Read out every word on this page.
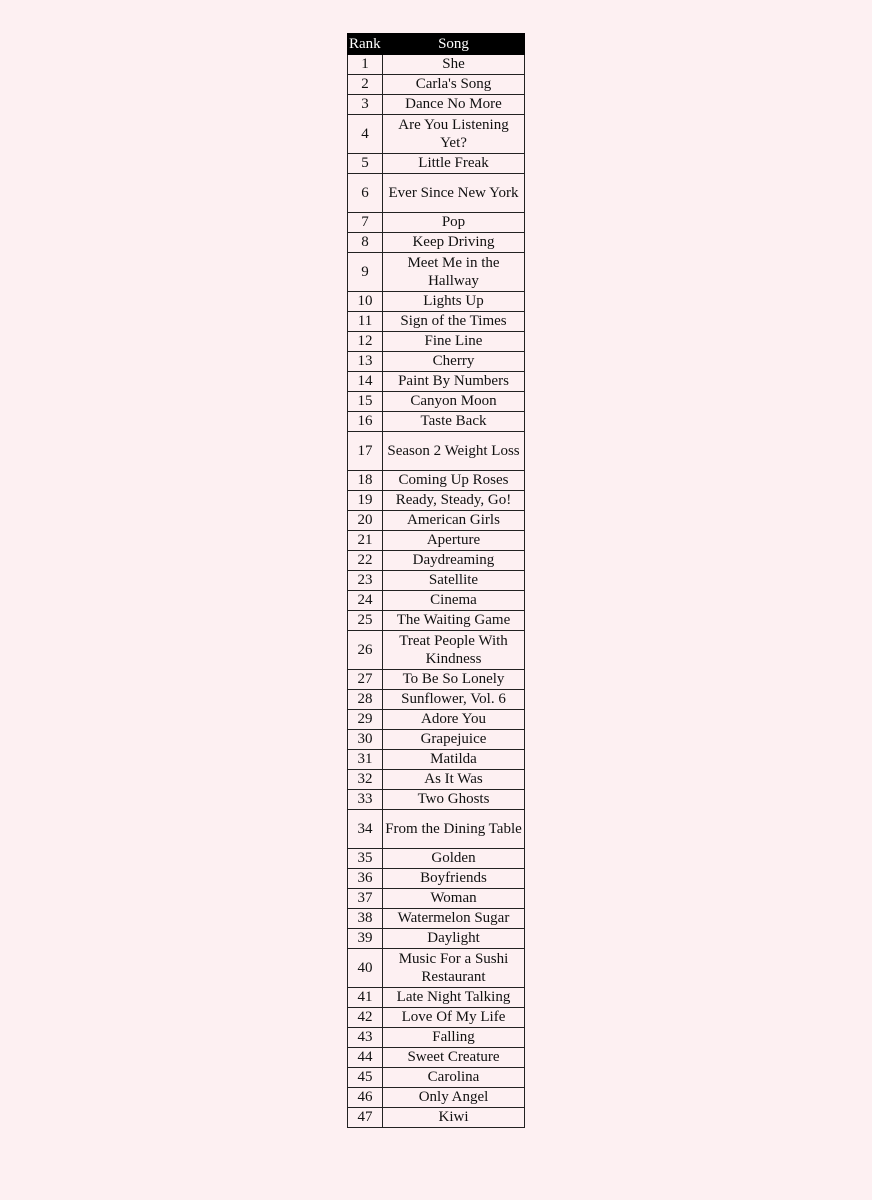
Rank	Song
1	She
2	Carla's Song
3	Dance No More
4	Are You Listening Yet?
5	Little Freak
6	Ever Since New York
7	Pop
8	Keep Driving
9	Meet Me in the Hallway
10	Lights Up
11	Sign of the Times
12	Fine Line
13	Cherry
14	Paint By Numbers
15	Canyon Moon
16	Taste Back
17	Season 2 Weight Loss
18	Coming Up Roses
19	Ready, Steady, Go!
20	American Girls
21	Aperture
22	Daydreaming
23	Satellite
24	Cinema
25	The Waiting Game
26	Treat People With Kindness
27	To Be So Lonely
28	Sunflower, Vol. 6
29	Adore You
30	Grapejuice
31	Matilda
32	As It Was
33	Two Ghosts
34	From the Dining Table
35	Golden
36	Boyfriends
37	Woman
38	Watermelon Sugar
39	Daylight
40	Music For a Sushi Restaurant
41	Late Night Talking
42	Love Of My Life
43	Falling
44	Sweet Creature
45	Carolina
46	Only Angel
47	Kiwi
